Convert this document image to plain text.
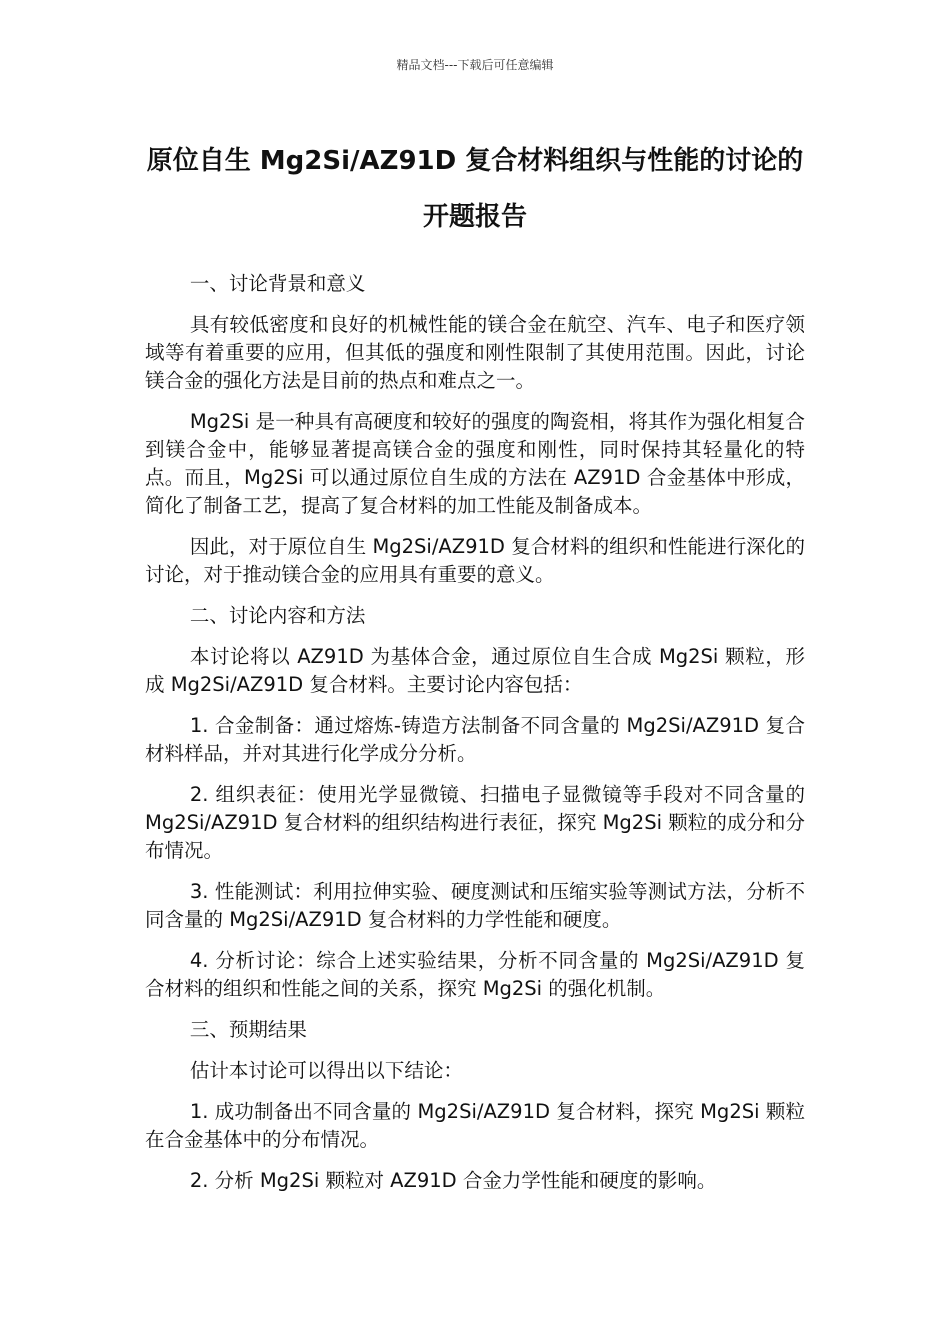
精品文档---下载后可任意编辑
原位自生 Mg2Si/AZ91D 复合材料组织与性能的讨论的开题报告

一、讨论背景和意义

具有较低密度和良好的机械性能的镁合金在航空、汽车、电子和医疗领域等有着重要的应用，但其低的强度和刚性限制了其使用范围。因此，讨论镁合金的强化方法是目前的热点和难点之一。

Mg2Si 是一种具有高硬度和较好的强度的陶瓷相，将其作为强化相复合到镁合金中，能够显著提高镁合金的强度和刚性，同时保持其轻量化的特点。而且，Mg2Si 可以通过原位自生成的方法在 AZ91D 合金基体中形成，简化了制备工艺，提高了复合材料的加工性能及制备成本。

因此，对于原位自生 Mg2Si/AZ91D 复合材料的组织和性能进行深化的讨论，对于推动镁合金的应用具有重要的意义。

二、讨论内容和方法

本讨论将以 AZ91D 为基体合金，通过原位自生合成 Mg2Si 颗粒，形成 Mg2Si/AZ91D 复合材料。主要讨论内容包括：

1. 合金制备：通过熔炼-铸造方法制备不同含量的 Mg2Si/AZ91D 复合材料样品，并对其进行化学成分分析。

2. 组织表征：使用光学显微镜、扫描电子显微镜等手段对不同含量的 Mg2Si/AZ91D 复合材料的组织结构进行表征，探究 Mg2Si 颗粒的成分和分布情况。

3. 性能测试：利用拉伸实验、硬度测试和压缩实验等测试方法，分析不同含量的 Mg2Si/AZ91D 复合材料的力学性能和硬度。

4. 分析讨论：综合上述实验结果，分析不同含量的 Mg2Si/AZ91D 复合材料的组织和性能之间的关系，探究 Mg2Si 的强化机制。

三、预期结果

估计本讨论可以得出以下结论：

1. 成功制备出不同含量的 Mg2Si/AZ91D 复合材料，探究 Mg2Si 颗粒在合金基体中的分布情况。

2. 分析 Mg2Si 颗粒对 AZ91D 合金力学性能和硬度的影响。
